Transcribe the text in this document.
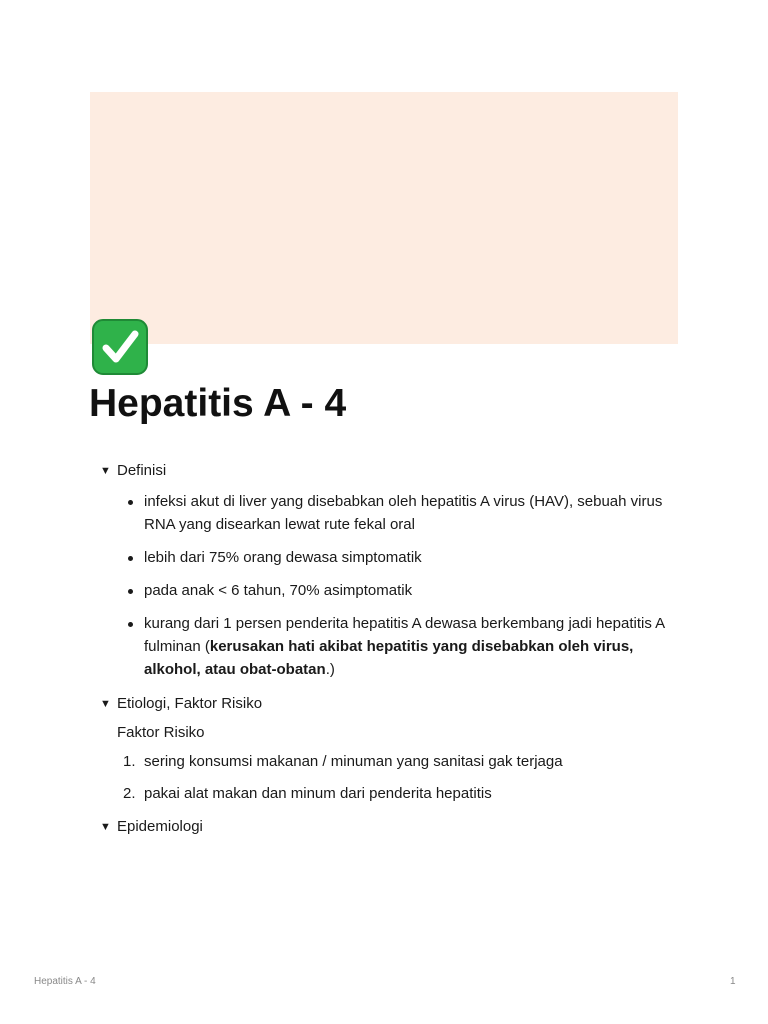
Hepatitis A - 4
▼ Definisi
infeksi akut di liver yang disebabkan oleh hepatitis A virus (HAV), sebuah virus RNA yang disearkan lewat rute fekal oral
lebih dari 75% orang dewasa simptomatik
pada anak < 6 tahun, 70% asimptomatik
kurang dari 1 persen penderita hepatitis A dewasa berkembang jadi hepatitis A fulminan (kerusakan hati akibat hepatitis yang disebabkan oleh virus, alkohol, atau obat-obatan.)
▼ Etiologi, Faktor Risiko

Faktor Risiko

1. sering konsumsi makanan / minuman yang sanitasi gak terjaga
2. pakai alat makan dan minum dari penderita hepatitis
▼ Epidemiologi
Hepatitis A - 4	1
